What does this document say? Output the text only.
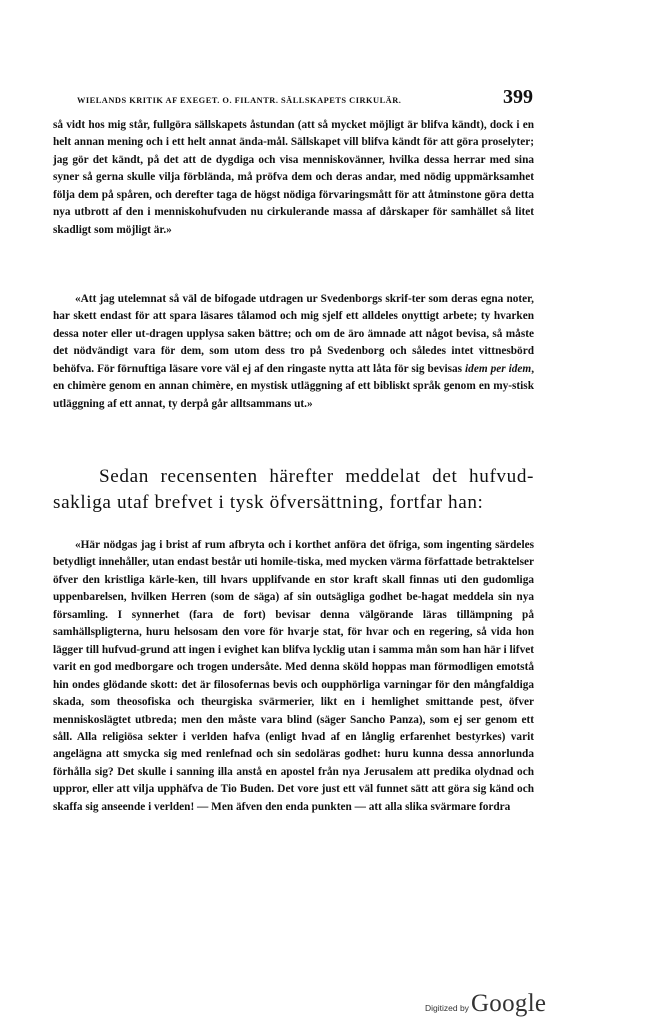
WIELANDS KRITIK AF EXEGET. O. FILANTR. SÄLLSKAPETS CIRKULÄR.	399

så vidt hos mig står, fullgöra sällskapets åstundan (att så mycket möjligt är blifva kändt), dock i en helt annan mening och i ett helt annat ända-mål. Sällskapet vill blifva kändt för att göra proselyter; jag gör det kändt, på det att de dygdiga och visa menniskovänner, hvilka dessa herrar med sina syner så gerna skulle vilja förblända, må pröfva dem och deras andar, med nödig uppmärksamhet följa dem på spåren, och derefter taga de högst nödiga förvaringsmått för att åtminstone göra detta nya utbrott af den i menniskohufvuden nu cirkulerande massa af dårskaper för samhället så litet skadligt som möjligt är.»

«Att jag utelemnat så väl de bifogade utdragen ur Svedenborgs skrif-ter som deras egna noter, har skett endast för att spara läsares tålamod och mig sjelf ett alldeles onyttigt arbete; ty hvarken dessa noter eller ut-dragen upplysa saken bättre; och om de äro ämnade att något bevisa, så måste det nödvändigt vara för dem, som utom dess tro på Svedenborg och således intet vittnesbörd behöfva. För förnuftiga läsare vore väl ej af den ringaste nytta att låta för sig bevisas idem per idem, en chimère genom en annan chimère, en mystisk utläggning af ett bibliskt språk genom en my-stisk utläggning af ett annat, ty derpå går alltsammans ut.»

Sedan recensenten härefter meddelat det hufvud-sakliga utaf brefvet i tysk öfversättning, fortfar han:

«Här nödgas jag i brist af rum afbryta och i korthet anföra det öfriga, som ingenting särdeles betydligt innehåller, utan endast består uti homile-tiska, med mycken värma författade betraktelser öfver den kristliga kärle-ken, till hvars upplifvande en stor kraft skall finnas uti den gudomliga uppenbarelsen, hvilken Herren (som de säga) af sin outsägliga godhet be-hagat meddela sin nya församling. I synnerhet (fara de fort) bevisar denna välgörande läras tillämpning på samhällspligterna, huru helsosam den vore för hvarje stat, för hvar och en regering, så vida hon lägger till hufvud-grund att ingen i evighet kan blifva lycklig utan i samma mån som han här i lifvet varit en god medborgare och trogen undersåte. Med denna sköld hoppas man förmodligen emotstå hin ondes glödande skott: det är filosofernas bevis och oupphörliga varningar för den mångfaldiga skada, som theosofiska och theurgiska svärmerier, likt en i hemlighet smittande pest, öfver menniskoslägtet utbreda; men den måste vara blind (säger Sancho Panza), som ej ser genom ett såll. Alla religiösa sekter i verlden hafva (enligt hvad af en långlig erfarenhet bestyrkes) varit angelägna att smycka sig med renlefnad och sin sedoläras godhet: huru kunna dessa annorlunda förhålla sig? Det skulle i sanning illa anstå en apostel från nya Jerusalem att predika olydnad och uppror, eller att vilja upphäfva de Tio Buden. Det vore just ett väl funnet sätt att göra sig känd och skaffa sig anseende i verlden! — Men äfven den enda punkten — att alla slika svärmare fordra

Digitized by Google
